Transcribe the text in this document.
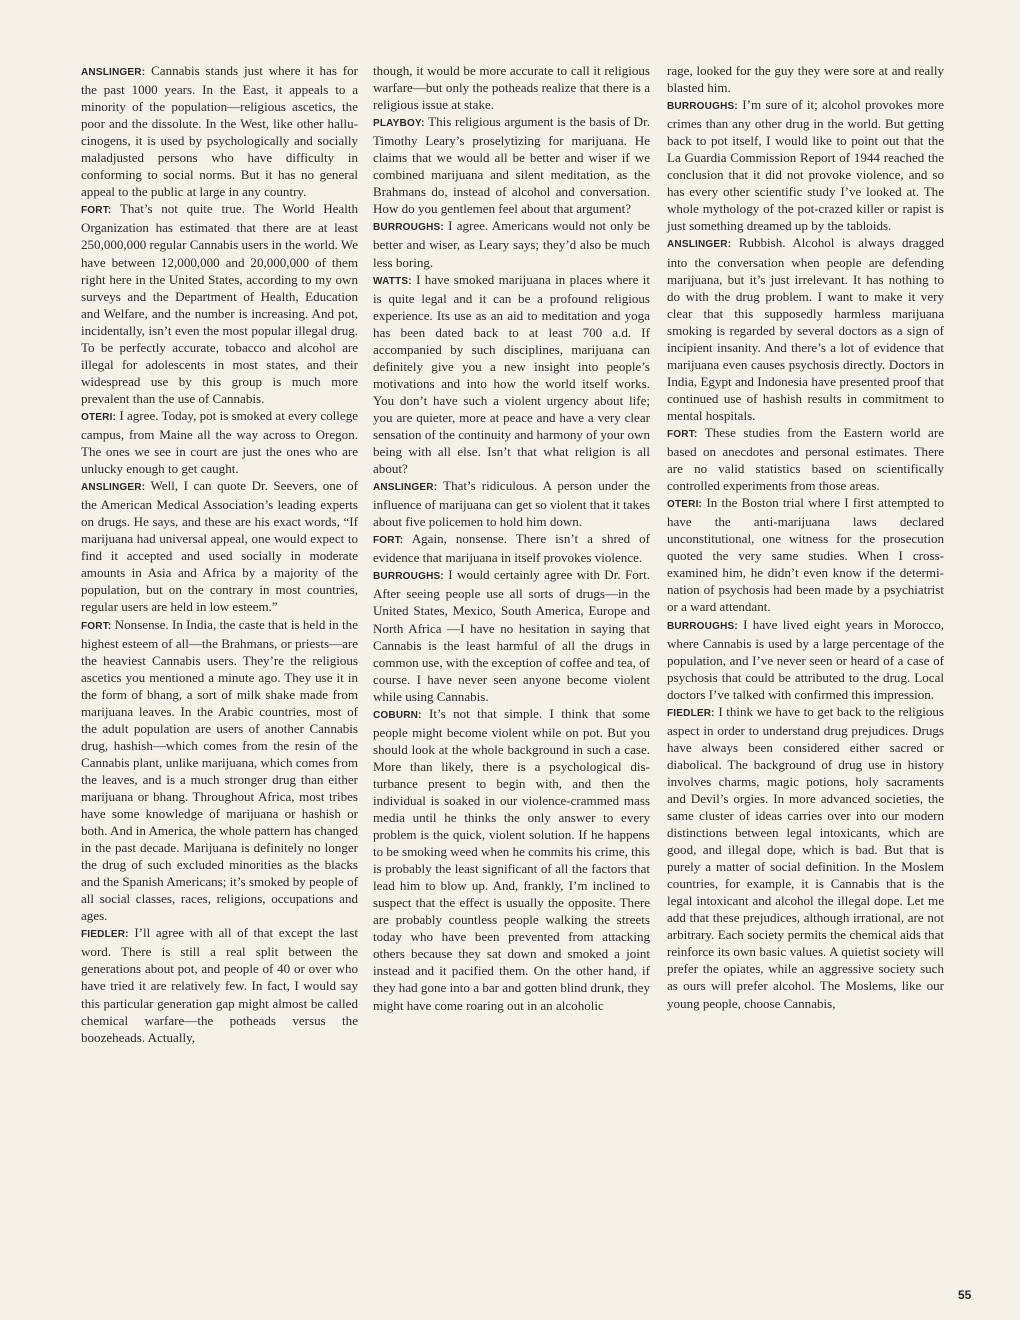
ANSLINGER: Cannabis stands just where it has for the past 1000 years. In the East, it appeals to a minority of the population—religious ascetics, the poor and the dissolute. In the West, like other hallucinogens, it is used by psychologically and socially maladjusted persons who have difficulty in conforming to social norms. But it has no general appeal to the public at large in any country.

FORT: That’s not quite true. The World Health Organization has estimated that there are at least 250,000,000 regular Cannabis users in the world. We have between 12,000,000 and 20,000,000 of them right here in the United States, according to my own surveys and the Department of Health, Education and Welfare, and the number is increasing. And pot, incidentally, isn’t even the most popular illegal drug. To be perfectly accurate, tobacco and alcohol are illegal for adolescents in most states, and their widespread use by this group is much more prevalent than the use of Cannabis.

OTERI: I agree. Today, pot is smoked at every college campus, from Maine all the way across to Oregon. The ones we see in court are just the ones who are unlucky enough to get caught.

ANSLINGER: Well, I can quote Dr. Seevers, one of the American Medical Association’s leading experts on drugs. He says, and these are his exact words, “If marijuana had universal appeal, one would expect to find it accepted and used socially in moderate amounts in Asia and Africa by a majority of the population, but on the contrary in most countries, regular users are held in low esteem.”

FORT: Nonsense. In India, the caste that is held in the highest esteem of all—the Brahmans, or priests—are the heaviest Cannabis users. They’re the religious ascetics you mentioned a minute ago. They use it in the form of bhang, a sort of milk shake made from marijuana leaves. In the Arabic countries, most of the adult population are users of another Cannabis drug, hashish—which comes from the resin of the Cannabis plant, unlike marijuana, which comes from the leaves, and is a much stronger drug than either marijuana or bhang. Throughout Africa, most tribes have some knowledge of marijuana or hashish or both. And in America, the whole pattern has changed in the past decade. Marijuana is definitely no longer the drug of such excluded minorities as the blacks and the Spanish Americans; it’s smoked by people of all social classes, races, religions, occupations and ages.

FIEDLER: I’ll agree with all of that except the last word. There is still a real split between the generations about pot, and people of 40 or over who have tried it are relatively few. In fact, I would say this particular generation gap might almost be called chemical warfare—the potheads versus the boozeheads. Actually,

though, it would be more accurate to call it religious warfare—but only the potheads realize that there is a religious issue at stake.

PLAYBOY: This religious argument is the basis of Dr. Timothy Leary’s proselytizing for marijuana. He claims that we would all be better and wiser if we combined marijuana and silent meditation, as the Brahmans do, instead of alcohol and conversation. How do you gentlemen feel about that argument?

BURROUGHS: I agree. Americans would not only be better and wiser, as Leary says; they’d also be much less boring.

WATTS: I have smoked marijuana in places where it is quite legal and it can be a profound religious experience. Its use as an aid to meditation and yoga has been dated back to at least 700 a.d. If accompanied by such disciplines, marijuana can definitely give you a new insight into people’s motivations and into how the world itself works. You don’t have such a violent urgency about life; you are quieter, more at peace and have a very clear sensation of the continuity and harmony of your own being with all else. Isn’t that what religion is all about?

ANSLINGER: That’s ridiculous. A person under the influence of marijuana can get so violent that it takes about five policemen to hold him down.

FORT: Again, nonsense. There isn’t a shred of evidence that marijuana in itself provokes violence.

BURROUGHS: I would certainly agree with Dr. Fort. After seeing people use all sorts of drugs—in the United States, Mexico, South America, Europe and North Africa —I have no hesitation in saying that Cannabis is the least harmful of all the drugs in common use, with the exception of coffee and tea, of course. I have never seen anyone become violent while using Cannabis.

COBURN: It’s not that simple. I think that some people might become violent while on pot. But you should look at the whole background in such a case. More than likely, there is a psychological disturbance present to begin with, and then the individual is soaked in our violence-crammed mass media until he thinks the only answer to every problem is the quick, violent solution. If he happens to be smoking weed when he commits his crime, this is probably the least significant of all the factors that lead him to blow up. And, frankly, I’m inclined to suspect that the effect is usually the opposite. There are probably countless people walking the streets today who have been prevented from attacking others because they sat down and smoked a joint instead and it pacified them. On the other hand, if they had gone into a bar and gotten blind drunk, they might have come roaring out in an alcoholic

rage, looked for the guy they were sore at and really blasted him.

BURROUGHS: I’m sure of it; alcohol provokes more crimes than any other drug in the world. But getting back to pot itself, I would like to point out that the La Guardia Commission Report of 1944 reached the conclusion that it did not provoke violence, and so has every other scientific study I’ve looked at. The whole mythology of the pot-crazed killer or rapist is just something dreamed up by the tabloids.

ANSLINGER: Rubbish. Alcohol is always dragged into the conversation when people are defending marijuana, but it’s just irrelevant. It has nothing to do with the drug problem. I want to make it very clear that this supposedly harmless marijuana smoking is regarded by several doctors as a sign of incipient insanity. And there’s a lot of evidence that marijuana even causes psychosis directly. Doctors in India, Egypt and Indonesia have presented proof that continued use of hashish results in commitment to mental hospitals.

FORT: These studies from the Eastern world are based on anecdotes and personal estimates. There are no valid statistics based on scientifically controlled experiments from those areas.

OTERI: In the Boston trial where I first attempted to have the anti-marijuana laws declared unconstitutional, one witness for the prosecution quoted the very same studies. When I cross-examined him, he didn’t even know if the determination of psychosis had been made by a psychiatrist or a ward attendant.

BURROUGHS: I have lived eight years in Morocco, where Cannabis is used by a large percentage of the population, and I’ve never seen or heard of a case of psychosis that could be attributed to the drug. Local doctors I’ve talked with confirmed this impression.

FIEDLER: I think we have to get back to the religious aspect in order to understand drug prejudices. Drugs have always been considered either sacred or diabolical. The background of drug use in history involves charms, magic potions, holy sacraments and Devil’s orgies. In more advanced societies, the same cluster of ideas carries over into our modern distinctions between legal intoxicants, which are good, and illegal dope, which is bad. But that is purely a matter of social definition. In the Moslem countries, for example, it is Cannabis that is the legal intoxicant and alcohol the illegal dope. Let me add that these prejudices, although irrational, are not arbitrary. Each society permits the chemical aids that reinforce its own basic values. A quietist society will prefer the opiates, while an aggressive society such as ours will prefer alcohol. The Moslems, like our young people, choose Cannabis,

55
